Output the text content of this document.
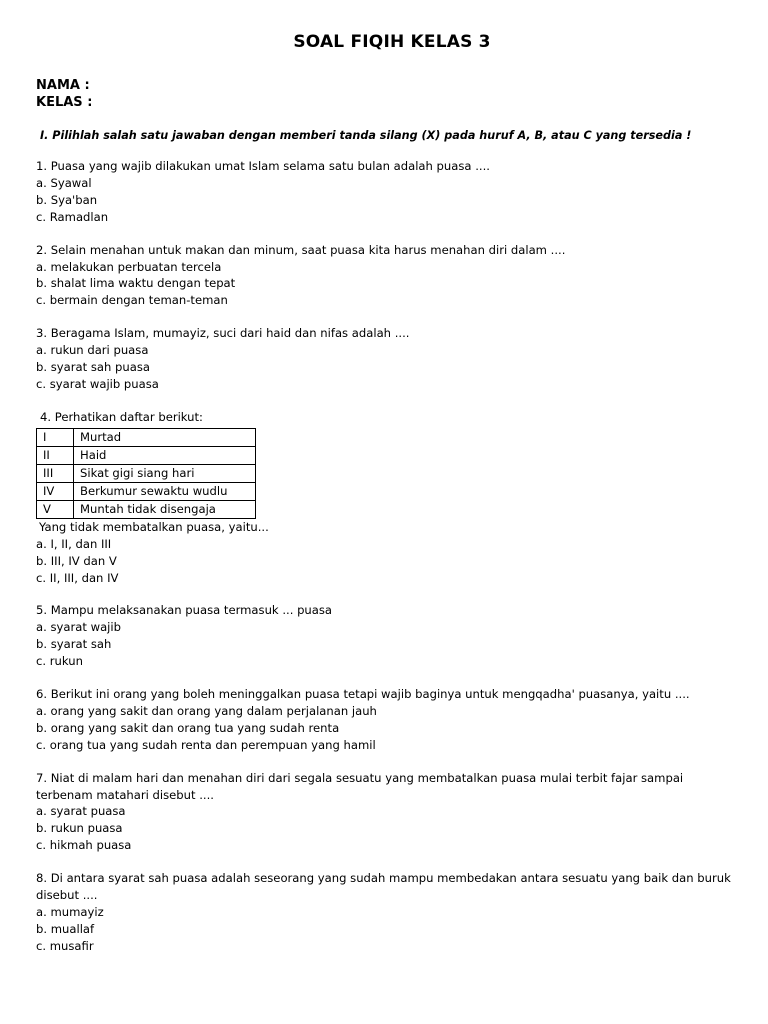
SOAL FIQIH KELAS 3
NAMA :
KELAS :
I. Pilihlah salah satu jawaban dengan memberi tanda silang (X) pada huruf A, B, atau C yang tersedia !
1. Puasa yang wajib dilakukan umat Islam selama satu bulan adalah puasa ....
a. Syawal
b. Sya'ban
c. Ramadlan
2. Selain menahan untuk makan dan minum, saat puasa kita harus menahan diri dalam ....
a. melakukan perbuatan tercela
b. shalat lima waktu dengan tepat
c. bermain dengan teman-teman
3. Beragama Islam, mumayiz, suci dari haid dan nifas adalah ....
a. rukun dari puasa
b. syarat sah puasa
c. syarat wajib puasa
4. Perhatikan daftar berikut:
I	Murtad
II	Haid
III	Sikat gigi siang hari
IV	Berkumur sewaktu wudlu
V	Muntah tidak disengaja
Yang tidak membatalkan puasa, yaitu...
a. I, II, dan III
b. III, IV dan V
c. II, III, dan IV
5. Mampu melaksanakan puasa termasuk ... puasa
a. syarat wajib
b. syarat sah
c. rukun
6. Berikut ini orang yang boleh meninggalkan puasa tetapi wajib baginya untuk mengqadha' puasanya, yaitu ....
a. orang yang sakit dan orang yang dalam perjalanan jauh
b. orang yang sakit dan orang tua yang sudah renta
c. orang tua yang sudah renta dan perempuan yang hamil
7. Niat di malam hari dan menahan diri dari segala sesuatu yang membatalkan puasa mulai terbit fajar sampai terbenam matahari disebut ....
a. syarat puasa
b. rukun puasa
c. hikmah puasa
8. Di antara syarat sah puasa adalah seseorang yang sudah mampu membedakan antara sesuatu yang baik dan buruk disebut ....
a. mumayiz
b. muallaf
c. musafir
